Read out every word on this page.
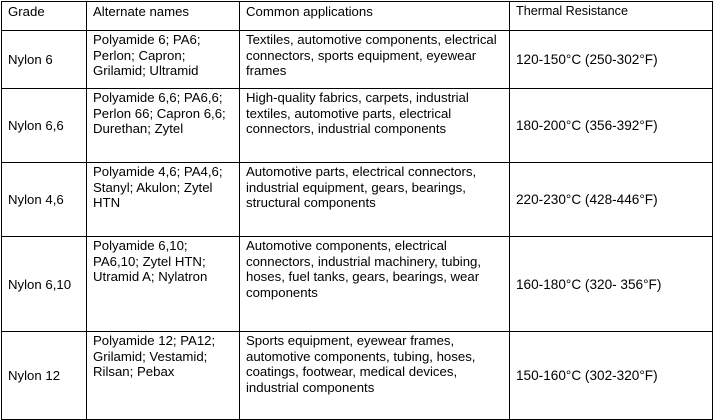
Grade	Alternate names	Common applications	Thermal Resistance
Nylon 6	Polyamide 6; PA6; Perlon; Capron; Grilamid; Ultramid	Textiles, automotive components, electrical connectors, sports equipment, eyewear frames	120-150°C (250-302°F)
Nylon 6,6	Polyamide 6,6; PA6,6; Perlon 66; Capron 6,6; Durethan; Zytel	High-quality fabrics, carpets, industrial textiles, automotive parts, electrical connectors, industrial components	180-200°C (356-392°F)
Nylon 4,6	Polyamide 4,6; PA4,6; Stanyl; Akulon; Zytel HTN	Automotive parts, electrical connectors, industrial equipment, gears, bearings, structural components	220-230°C (428-446°F)
Nylon 6,10	Polyamide 6,10; PA6,10; Zytel HTN; Utramid A; Nylatron	Automotive components, electrical connectors, industrial machinery, tubing, hoses, fuel tanks, gears, bearings, wear components	160-180°C (320- 356°F)
Nylon 12	Polyamide 12; PA12; Grilamid; Vestamid; Rilsan; Pebax	Sports equipment, eyewear frames, automotive components, tubing, hoses, coatings, footwear, medical devices, industrial components	150-160°C (302-320°F)
